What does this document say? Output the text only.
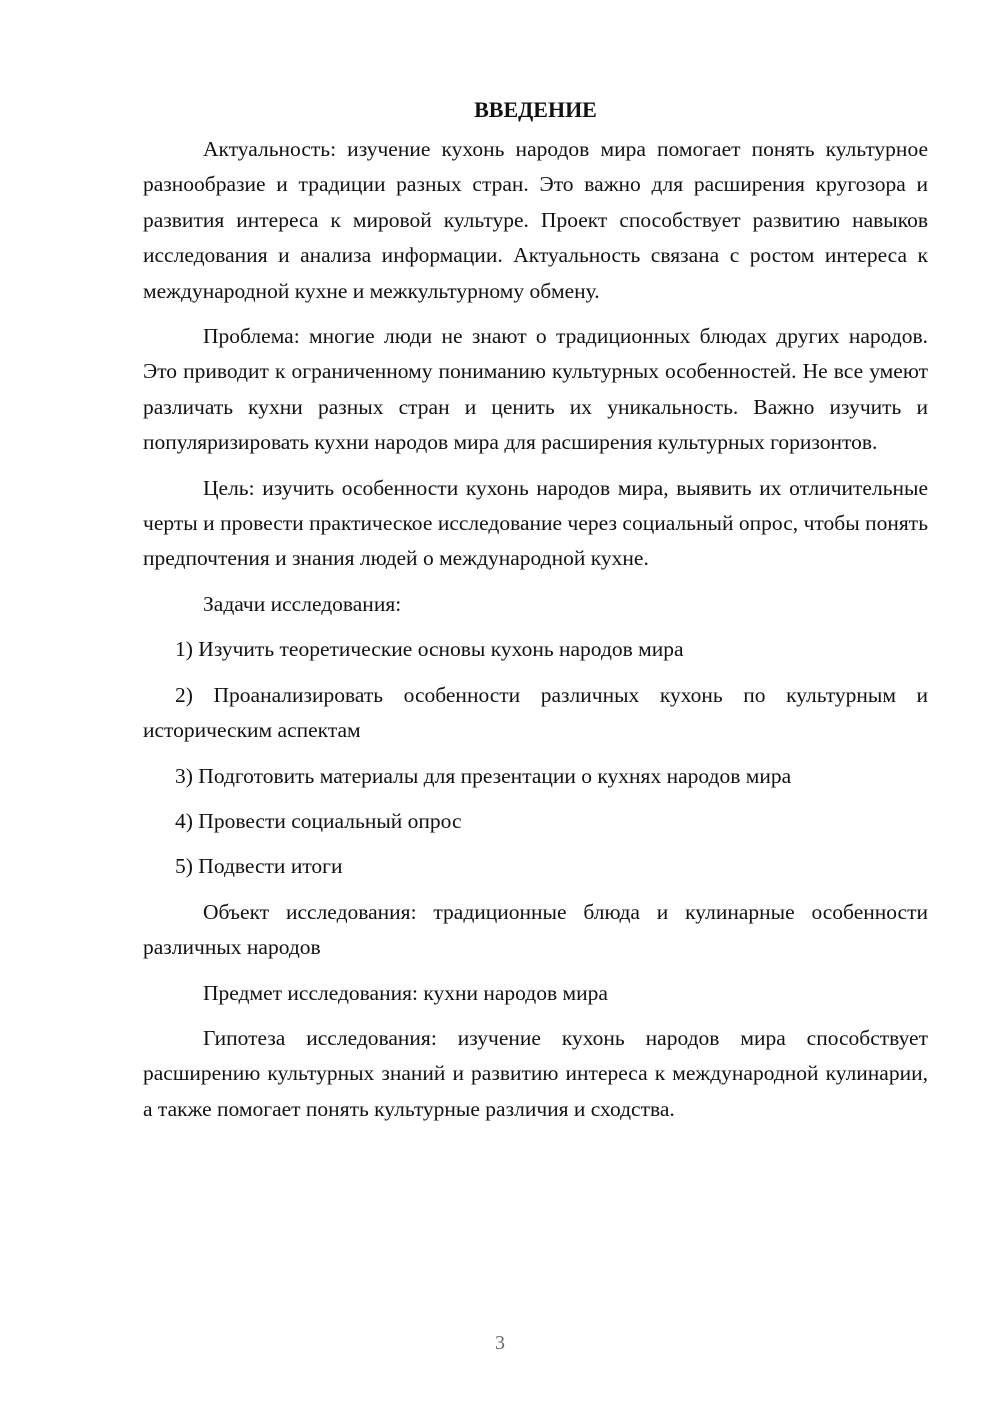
ВВЕДЕНИЕ

Актуальность: изучение кухонь народов мира помогает понять культурное разнообразие и традиции разных стран. Это важно для расширения кругозора и развития интереса к мировой культуре. Проект способствует развитию навыков исследования и анализа информации. Актуальность связана с ростом интереса к международной кухне и межкультурному обмену.

Проблема: многие люди не знают о традиционных блюдах других народов. Это приводит к ограниченному пониманию культурных особенностей. Не все умеют различать кухни разных стран и ценить их уникальность. Важно изучить и популяризировать кухни народов мира для расширения культурных горизонтов.

Цель: изучить особенности кухонь народов мира, выявить их отличительные черты и провести практическое исследование через социальный опрос, чтобы понять предпочтения и знания людей о международной кухне.

Задачи исследования:

1) Изучить теоретические основы кухонь народов мира

2) Проанализировать особенности различных кухонь по культурным и историческим аспектам

3) Подготовить материалы для презентации о кухнях народов мира

4) Провести социальный опрос

5) Подвести итоги

Объект исследования: традиционные блюда и кулинарные особенности различных народов

Предмет исследования: кухни народов мира

Гипотеза исследования: изучение кухонь народов мира способствует расширению культурных знаний и развитию интереса к международной кулинарии, а также помогает понять культурные различия и сходства.

3
